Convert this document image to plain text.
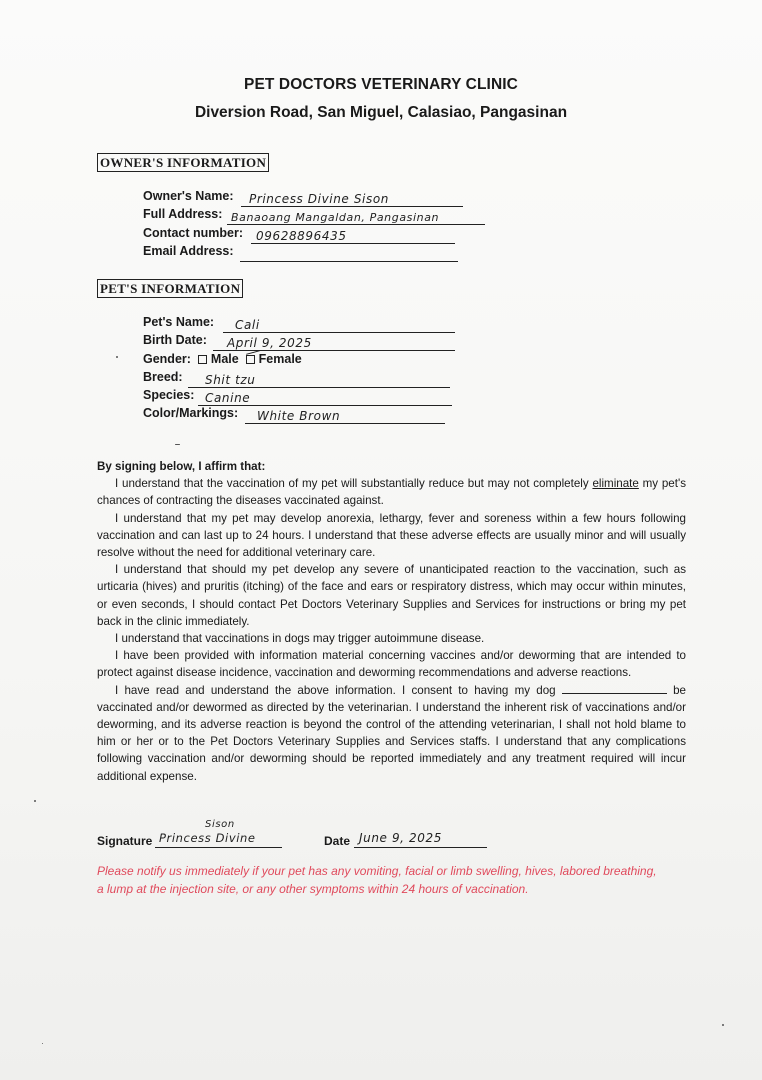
PET DOCTORS VETERINARY CLINIC
Diversion Road, San Miguel, Calasiao, Pangasinan
OWNER'S INFORMATION
Owner's Name: Princess Divine Sison
Full Address: Banaoang Mangaldan, Pangasinan
Contact number: 09628896435
Email Address:
PET'S INFORMATION
Pet's Name: Cali
Birth Date: April 9, 2025
Gender: Male Female
Breed: Shit tzu
Species: Canine
Color/Markings: White Brown

By signing below, I affirm that:

I understand that the vaccination of my pet will substantially reduce but may not completely eliminate my pet's chances of contracting the diseases vaccinated against.

I understand that my pet may develop anorexia, lethargy, fever and soreness within a few hours following vaccination and can last up to 24 hours. I understand that these adverse effects are usually minor and will usually resolve without the need for additional veterinary care.

I understand that should my pet develop any severe of unanticipated reaction to the vaccination, such as urticaria (hives) and pruritis (itching) of the face and ears or respiratory distress, which may occur within minutes, or even seconds, I should contact Pet Doctors Veterinary Supplies and Services for instructions or bring my pet back in the clinic immediately.

I understand that vaccinations in dogs may trigger autoimmune disease.

I have been provided with information material concerning vaccines and/or deworming that are intended to protect against disease incidence, vaccination and deworming recommendations and adverse reactions.

I have read and understand the above information. I consent to having my dog	be vaccinated and/or dewormed as directed by the veterinarian. I understand the inherent risk of vaccinations and/or deworming, and its adverse reaction is beyond the control of the attending veterinarian, I shall not hold blame to him or her or to the Pet Doctors Veterinary Supplies and Services staffs. I understand that any complications following vaccination and/or deworming should be reported immediately and any treatment required will incur additional expense.

Signature Princess Divine
Sison
Date June 9, 2025
Please notify us immediately if your pet has any vomiting, facial or limb swelling, hives, labored breathing, a lump at the injection site, or any other symptoms within 24 hours of vaccination.
